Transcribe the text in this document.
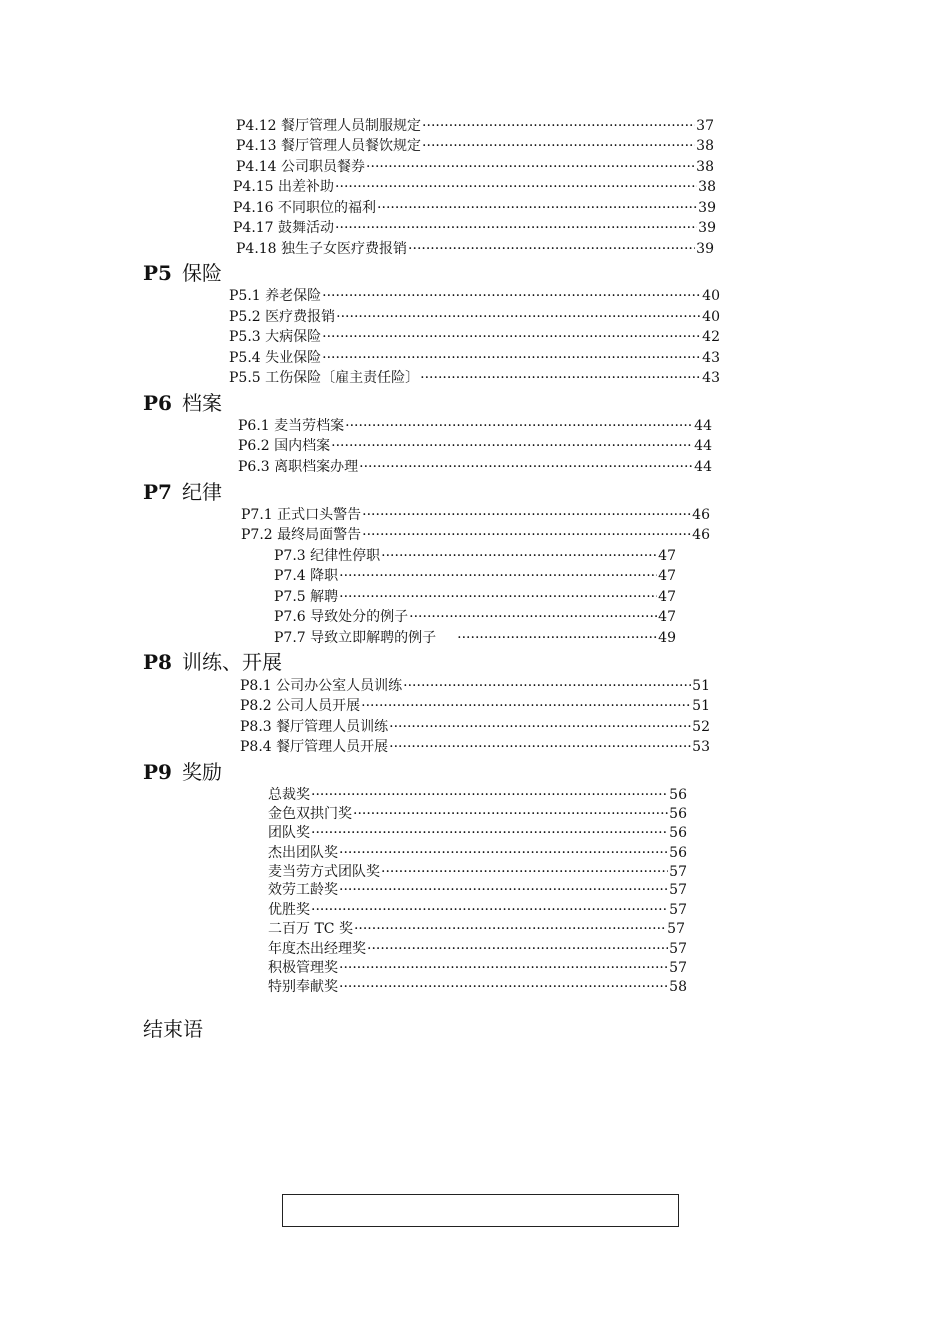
P4.12 餐厅管理人员制服规定 ·····	37
P4.13 餐厅管理人员餐饮规定 ·····	38
P4.14 公司职员餐券 ·····	38
P4.15 出差补助 ·····	38
P4.16 不同职位的福利 ·····	39
P4.17 鼓舞活动 ·····	39
P4.18 独生子女医疗费报销 ·····	39
P5 保险
P5.1 养老保险 ·····	40
P5.2 医疗费报销 ·····	40
P5.3 大病保险 ·····	42
P5.4 失业保险 ·····	43
P5.5 工伤保险〔雇主责任险〕 ·····	43
P6 档案
P6.1 麦当劳档案 ·····	44
P6.2 国内档案 ·····	44
P6.3 离职档案办理 ·····	44
P7 纪律
P7.1 正式口头警告 ·····	46
P7.2 最终局面警告 ·····	46
P7.3 纪律性停职 ·····	47
P7.4 降职 ·····	47
P7.5 解聘 ·····	47
P7.6 导致处分的例子 ·····	47
P7.7 导致立即解聘的例子 ·····	49
P8 训练、开展
P8.1 公司办公室人员训练 ·····	51
P8.2 公司人员开展 ·····	51
P8.3 餐厅管理人员训练 ·····	52
P8.4 餐厅管理人员开展 ·····	53
P9 奖励
总裁奖 ·····	56
金色双拱门奖 ·····	56
团队奖 ·····	56
杰出团队奖 ·····	56
麦当劳方式团队奖 ·····	57
效劳工龄奖 ·····	57
优胜奖 ·····	57
二百万 TC 奖 ·····	57
年度杰出经理奖 ·····	57
积极管理奖 ·····	57
特别奉献奖 ·····	58
结束语
